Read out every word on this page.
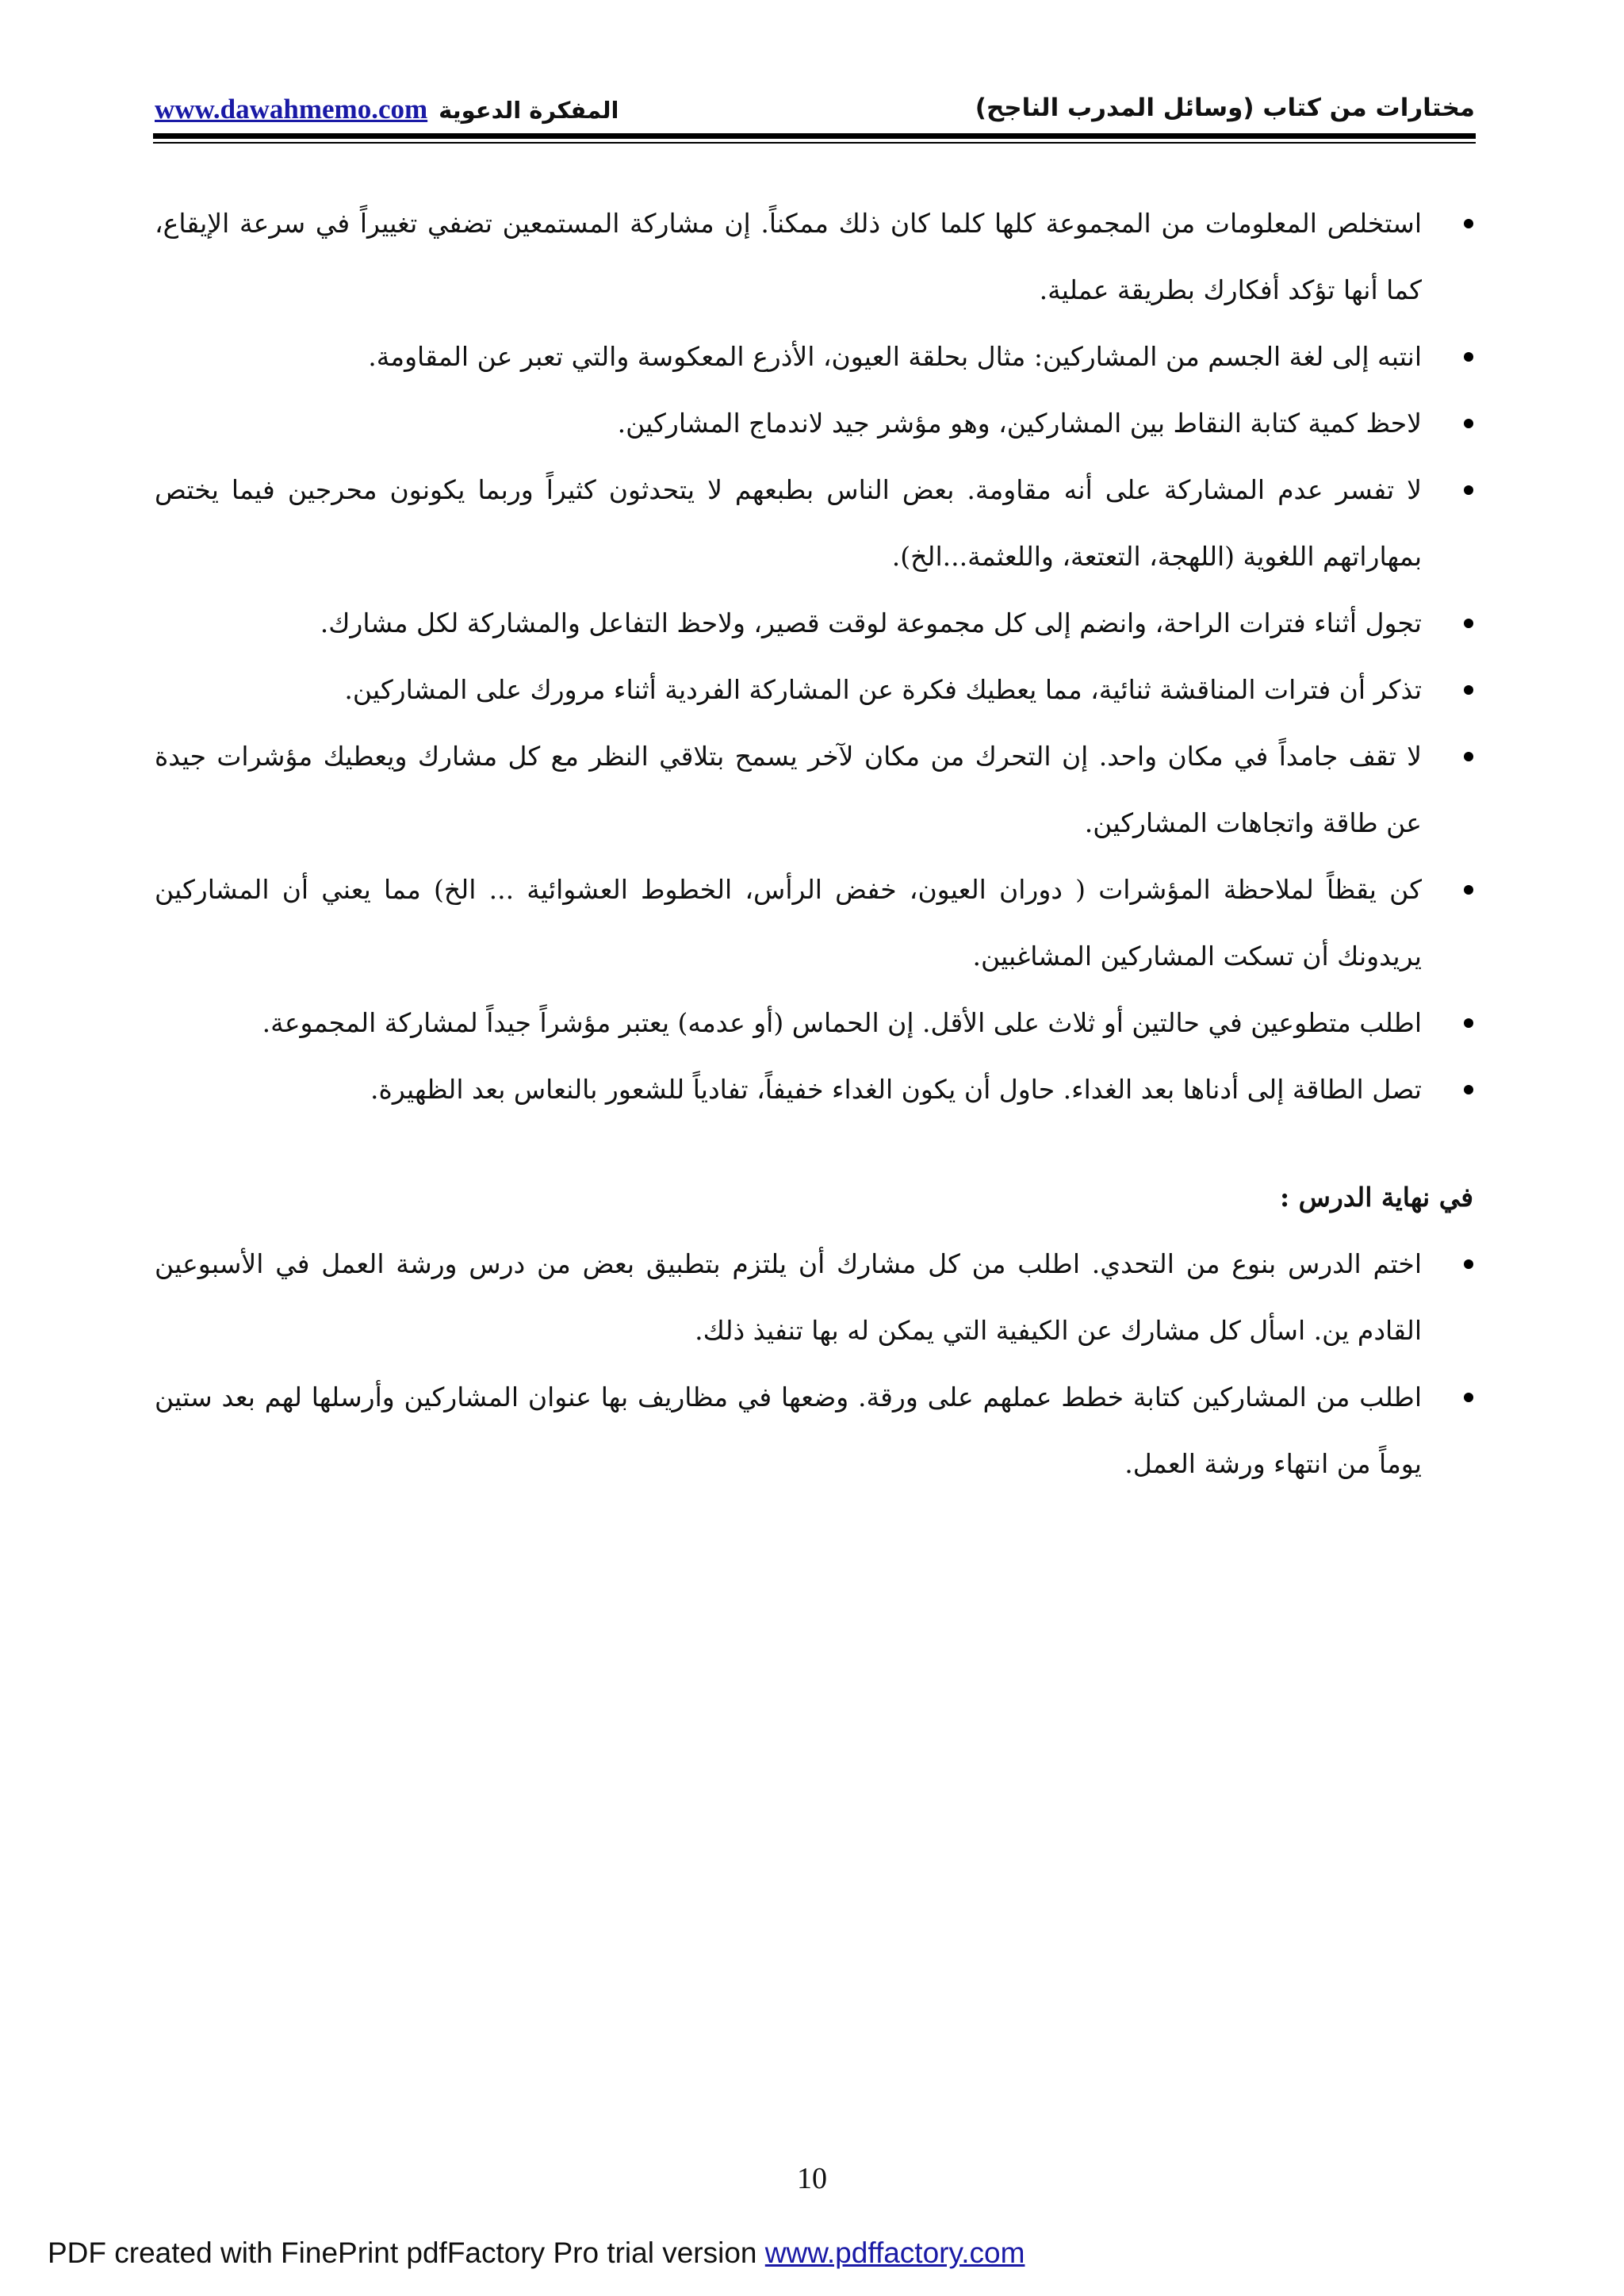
مختارات من كتاب (وسائل المدرب الناجح)
www.dawahmemo.com المفكرة الدعوية
استخلص المعلومات من المجموعة كلها كلما كان ذلك ممكناً. إن مشاركة المستمعين تضفي تغييراً في سرعة الإيقاع، كما أنها تؤكد أفكارك بطريقة عملية.
انتبه إلى لغة الجسم من المشاركين: مثال بحلقة العيون، الأذرع المعكوسة والتي تعبر عن المقاومة.
لاحظ كمية كتابة النقاط بين المشاركين، وهو مؤشر جيد لاندماج المشاركين.
لا تفسر عدم المشاركة على أنه مقاومة. بعض الناس بطبعهم لا يتحدثون كثيراً وربما يكونون محرجين فيما يختص بمهاراتهم اللغوية (اللهجة، التعتعة، واللعثمة...الخ).
تجول أثناء فترات الراحة، وانضم إلى كل مجموعة لوقت قصير، ولاحظ التفاعل والمشاركة لكل مشارك.
تذكر أن فترات المناقشة ثنائية، مما يعطيك فكرة عن المشاركة الفردية أثناء مرورك على المشاركين.
لا تقف جامداً في مكان واحد. إن التحرك من مكان لآخر يسمح بتلاقي النظر مع كل مشارك ويعطيك مؤشرات جيدة عن طاقة واتجاهات المشاركين.
كن يقظاً لملاحظة المؤشرات ( دوران العيون، خفض الرأس، الخطوط العشوائية ... الخ) مما يعني أن المشاركين يريدونك أن تسكت المشاركين المشاغبين.
اطلب متطوعين في حالتين أو ثلاث على الأقل. إن الحماس (أو عدمه) يعتبر مؤشراً جيداً لمشاركة المجموعة.
تصل الطاقة إلى أدناها بعد الغداء. حاول أن يكون الغداء خفيفاً، تفادياً للشعور بالنعاس بعد الظهيرة.
في نهاية الدرس :
اختم الدرس بنوع من التحدي. اطلب من كل مشارك أن يلتزم بتطبيق بعض من درس ورشة العمل في الأسبوعين القادم ين. اسأل كل مشارك عن الكيفية التي يمكن له بها تنفيذ ذلك.
اطلب من المشاركين كتابة خطط عملهم على ورقة. وضعها في مظاريف بها عنوان المشاركين وأرسلها لهم بعد ستين يوماً من انتهاء ورشة العمل.
10
PDF created with FinePrint pdfFactory Pro trial version www.pdffactory.com
